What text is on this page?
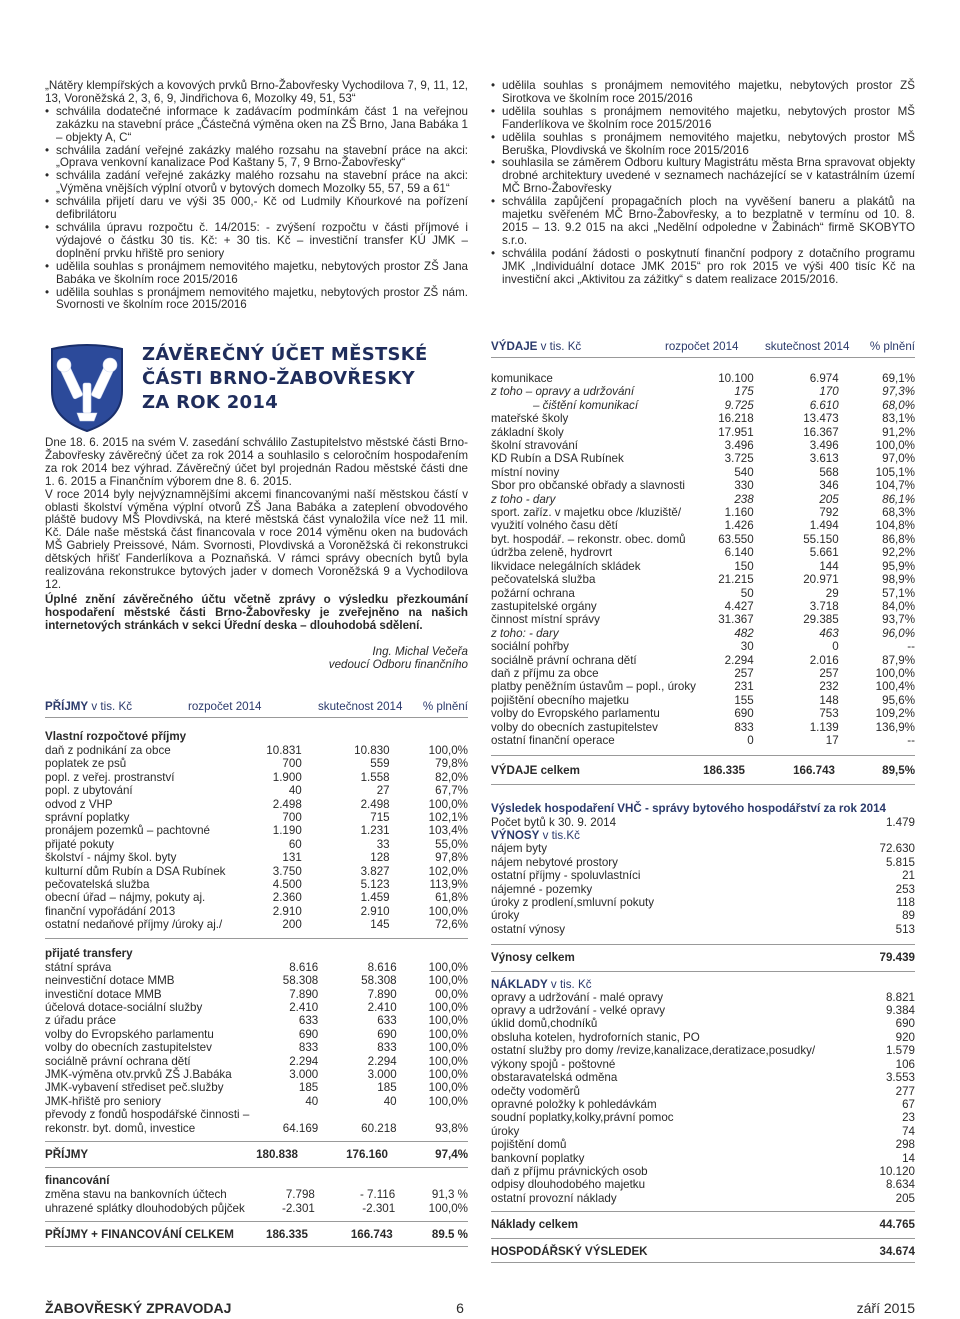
„Nátěry klempířských a kovových prvků Brno-Žabovřesky Vychodilova 7, 9, 11, 12, 13, Voroněžská 2, 3, 6, 9, Jindřichova 6, Mozolky 49, 51, 53“
• schválila dodatečné informace k zadávacím podmínkám část 1 na veřejnou zakázku na stavební práce „Částečná výměna oken na ZŠ Brno, Jana Babáka 1 – objekty A, C“
• schválila zadání veřejné zakázky malého rozsahu na stavební práce na akci: „Oprava venkovní kanalizace Pod Kaštany 5, 7, 9 Brno-Žabovřesky“
• schválila zadání veřejné zakázky malého rozsahu na stavební práce na akci: „Výměna vnějších výplní otvorů v bytových domech Mozolky 55, 57, 59 a 61“
• schválila přijetí daru ve výši 35 000,- Kč od Ludmily Kňourkové na pořízení defibrilátoru
• schválila úpravu rozpočtu č. 14/2015: - zvýšení rozpočtu v části příjmové i výdajové o částku 30 tis. Kč: + 30 tis. Kč – investiční transfer KÚ JMK – doplnění prvku hřiště pro seniory
• udělila souhlas s pronájmem nemovitého majetku, nebytových prostor ZŠ Jana Babáka ve školním roce 2015/2016
• udělila souhlas s pronájmem nemovitého majetku, nebytových prostor ZŠ nám. Svornosti ve školním roce 2015/2016
• udělila souhlas s pronájmem nemovitého majetku, nebytových prostor ZŠ Sirotkova ve školním roce 2015/2016
• udělila souhlas s pronájmem nemovitého majetku, nebytových prostor MŠ Fanderlíkova ve školním roce 2015/2016
• udělila souhlas s pronájmem nemovitého majetku, nebytových prostor MŠ Beruška, Plovdivská ve školním roce 2015/2016
• souhlasila se záměrem Odboru kultury Magistrátu města Brna spravovat objekty drobné architektury uvedené v seznamech nacházející se v katastrálním území MČ Brno-Žabovřesky
• schválila zapůjčení propagačních ploch na vyvěšení baneru a plakátů na majetku svěřeném MČ Brno-Žabovřesky, a to bezplatně v termínu od 10. 8. 2015 – 13. 9.2 015 na akci „Nedělní odpoledne v Žabinách“ firmě SKOBYTO s.r.o.
• schválila podání žádosti o poskytnutí finanční podpory z dotačního programu JMK „Individuální dotace JMK 2015“ pro rok 2015 ve výši 400 tisíc Kč na investiční akci „Aktivitou za zážitky“ s datem realizace 2015/2016.
ZÁVĚREČNÝ ÚČET MĚSTSKÉ
ČÁSTI BRNO-ŽABOVŘESKY
ZA ROK 2014

Dne 18. 6. 2015 na svém V. zasedání schválilo Zastupitelstvo městské části Brno-Žabovřesky závěrečný účet za rok 2014 a souhlasilo s celoročním hospodařením za rok 2014 bez výhrad. Závěrečný účet byl projednán Radou městské části dne 1. 6. 2015 a Finančním výborem dne 8. 6. 2015.

V roce 2014 byly nejvýznamnějšími akcemi financovanými naší městskou částí v oblasti školství výměna výplní otvorů ZŠ Jana Babáka a zateplení obvodového pláště budovy MŠ Plovdivská, na které městská část vynaložila více než 11 mil. Kč. Dále naše městská část financovala v roce 2014 výměnu oken na budovách MŠ Gabriely Preissové, Nám. Svornosti, Plovdivská a Voroněžská či rekonstrukci dětských hřišť Fanderlíkova a Poznaňská. V rámci správy obecních bytů byla realizována rekonstrukce bytových jader v domech Voroněžská 9 a Vychodilova 12.

Úplné znění závěrečného účtu včetně zprávy o výsledku přezkoumání hospodaření městské části Brno-Žabovřesky je zveřejněno na našich internetových stránkách v sekci Úřední deska – dlouhodobá sdělení.

Ing. Michal Večeřa
vedoucí Odboru finančního
PŘÍJMY v tis. Kč	rozpočet 2014	skutečnost 2014	% plnění
Vlastní rozpočtové příjmy
daň z podnikání za obce	10.831	10.830	100,0%
poplatek ze psů	700	559	79,8%
popl. z veřej. prostranství	1.900	1.558	82,0%
popl. z ubytování	40	27	67,7%
odvod z VHP	2.498	2.498	100,0%
správní poplatky	700	715	102,1%
pronájem pozemků – pachtovné	1.190	1.231	103,4%
přijaté pokuty	60	33	55,0%
školství - nájmy škol. byty	131	128	97,8%
kulturní dům Rubín a DSA Rubínek	3.750	3.827	102,0%
pečovatelská služba	4.500	5.123	113,9%
obecní úřad – nájmy, pokuty aj.	2.360	1.459	61,8%
finanční vypořádání 2013	2.910	2.910	100,0%
ostatní nedaňové příjmy /úroky aj./	200	145	72,6%
přijaté transfery
státní správa	8.616	8.616	100,0%
neinvestiční dotace MMB	58.308	58.308	100,0%
investiční dotace MMB	7.890	7.890	00,0%
účelová dotace-sociální služby	2.410	2.410	100,0%
z úřadu práce	633	633	100,0%
volby do Evropského parlamentu	690	690	100,0%
volby do obecních zastupitelstev	833	833	100,0%
sociálně právní ochrana dětí	2.294	2.294	100,0%
JMK-výměna otv.prvků ZŠ J.Babáka	3.000	3.000	100,0%
JMK-vybavení střediset peč.služby	185	185	100,0%
JMK-hřiště pro seniory	40	40	100,0%
převody z fondů hospodářské činnosti –			
rekonstr. byt. domů, investice	64.169	60.218	93,8%
PŘÍJMY	180.838	176.160	97,4%
financování
změna stavu na bankovních účtech	7.798	- 7.116	91,3 %
uhrazené splátky dlouhodobých půjček	-2.301	-2.301	100,0%
PŘÍJMY + FINANCOVÁNÍ CELKEM	186.335	166.743	89.5 %
VÝDAJE v tis. Kč	rozpočet 2014	skutečnost 2014	% plnění
komunikace	10.100	6.974	69,1%
z toho – opravy a udržování	175	170	97,3%
– čištění komunikací	9.725	6.610	68,0%
mateřské školy	16.218	13.473	83,1%
základní školy	17.951	16.367	91,2%
školní stravování	3.496	3.496	100,0%
KD Rubín a DSA Rubínek	3.725	3.613	97,0%
místní noviny	540	568	105,1%
Sbor pro občanské obřady a slavnosti	330	346	104,7%
z toho - dary	238	205	86,1%
sport. zaříz. v majetku obce /kluziště/	1.160	792	68,3%
využití volného času dětí	1.426	1.494	104,8%
byt. hospodář. – rekonstr. obec. domů	63.550	55.150	86,8%
údržba zeleně, hydrovrt	6.140	5.661	92,2%
likvidace nelegálních skládek	150	144	95,9%
pečovatelská služba	21.215	20.971	98,9%
požární ochrana	50	29	57,1%
zastupitelské orgány	4.427	3.718	84,0%
činnost místní správy	31.367	29.385	93,7%
z toho: - dary	482	463	96,0%
sociální pohřby	30	0	--
sociálně právní ochrana dětí	2.294	2.016	87,9%
daň z příjmu za obce	257	257	100,0%
platby peněžním ústavům – popl., úroky	231	232	100,4%
pojištění obecního majetku	155	148	95,6%
volby do Evropského parlamentu	690	753	109,2%
volby do obecních zastupitelstev	833	1.139	136,9%
ostatní finanční operace	0	17	--
VÝDAJE celkem	186.335	166.743	89,5%
Výsledek hospodaření VHČ - správy bytového hospodářství za rok 2014
Počet bytů k 30. 9. 2014	1.479
VÝNOSY v tis.Kč
nájem byty	72.630
nájem nebytové prostory	5.815
ostatní příjmy - spoluvlastníci	21
nájemné - pozemky	253
úroky z prodlení,smluvní pokuty	118
úroky	89
ostatní výnosy	513
Výnosy celkem	79.439
NÁKLADY v tis. Kč
opravy a udržování - malé opravy	8.821
opravy a udržování - velké opravy	9.384
úklid domů,chodníků	690
obsluha kotelen, hydroforních stanic, PO	920
ostatní služby pro domy /revize,kanalizace,deratizace,posudky/	1.579
výkony spojů - poštovné	106
obstaravatelská odměna	3.553
odečty vodoměrů	277
opravné položky k pohledávkám	67
soudní poplatky,kolky,právní pomoc	23
úroky	74
pojištění domů	298
bankovní poplatky	14
daň z příjmu právnických osob	10.120
odpisy dlouhodobého majetku	8.634
ostatní provozní náklady	205
Náklady celkem	44.765
HOSPODÁŘSKÝ VÝSLEDEK	34.674
ŽABOVŘESKÝ ZPRAVODAJ	6	září 2015
